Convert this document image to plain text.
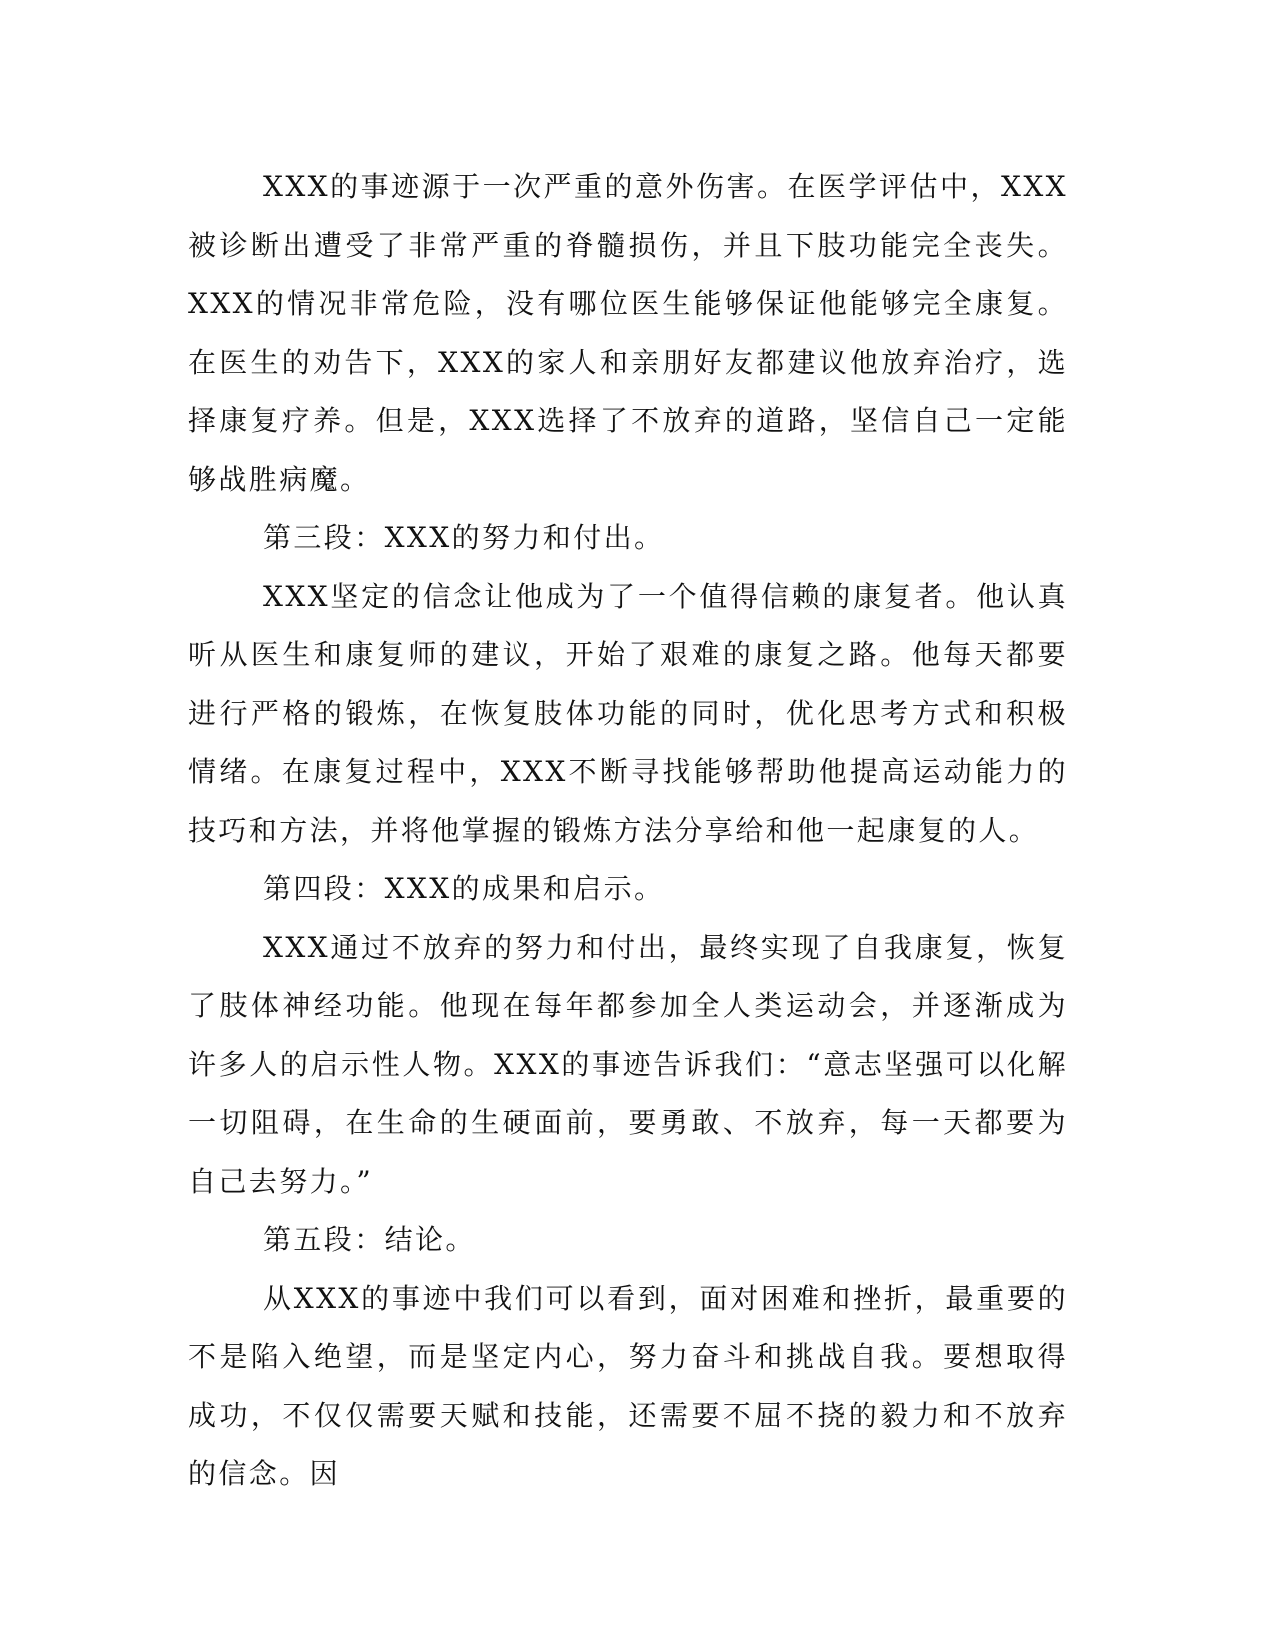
XXX的事迹源于一次严重的意外伤害。在医学评估中，XXX被诊断出遭受了非常严重的脊髓损伤，并且下肢功能完全丧失。XXX的情况非常危险，没有哪位医生能够保证他能够完全康复。在医生的劝告下，XXX的家人和亲朋好友都建议他放弃治疗，选择康复疗养。但是，XXX选择了不放弃的道路，坚信自己一定能够战胜病魔。

第三段：XXX的努力和付出。

XXX坚定的信念让他成为了一个值得信赖的康复者。他认真听从医生和康复师的建议，开始了艰难的康复之路。他每天都要进行严格的锻炼，在恢复肢体功能的同时，优化思考方式和积极情绪。在康复过程中，XXX不断寻找能够帮助他提高运动能力的技巧和方法，并将他掌握的锻炼方法分享给和他一起康复的人。

第四段：XXX的成果和启示。

XXX通过不放弃的努力和付出，最终实现了自我康复，恢复了肢体神经功能。他现在每年都参加全人类运动会，并逐渐成为许多人的启示性人物。XXX的事迹告诉我们：“意志坚强可以化解一切阻碍，在生命的生硬面前，要勇敢、不放弃，每一天都要为自己去努力。”

第五段：结论。

从XXX的事迹中我们可以看到，面对困难和挫折，最重要的不是陷入绝望，而是坚定内心，努力奋斗和挑战自我。要想取得成功，不仅仅需要天赋和技能，还需要不屈不挠的毅力和不放弃的信念。因
